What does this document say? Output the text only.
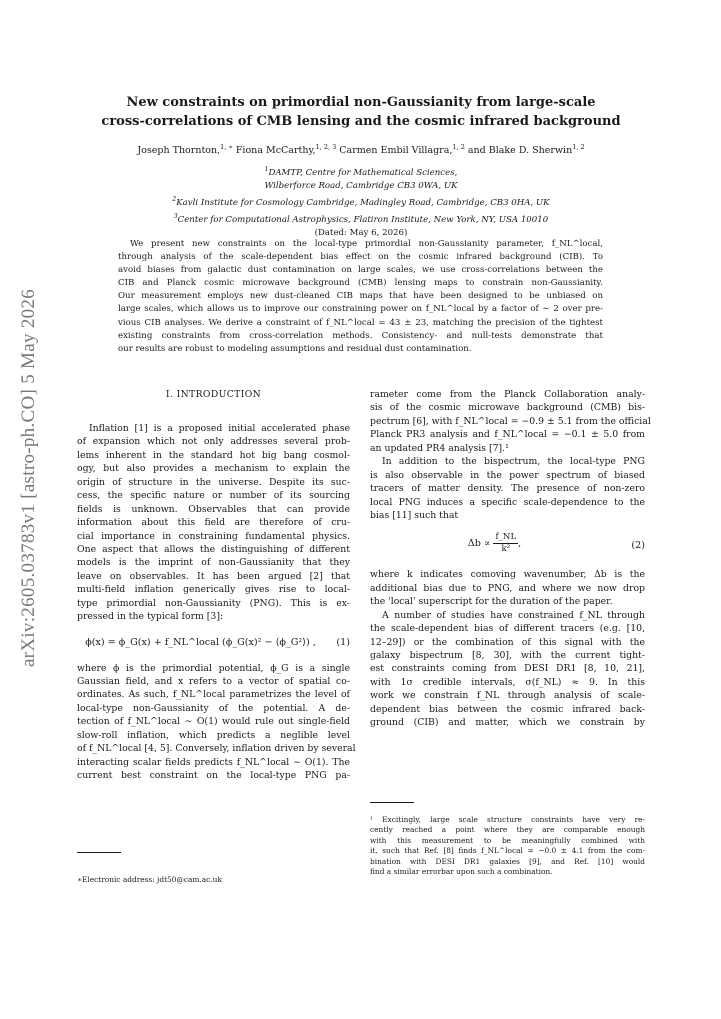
arXiv:2605.03783v1 [astro-ph.CO] 5 May 2026
New constraints on primordial non-Gaussianity from large-scale
cross-correlations of CMB lensing and the cosmic infrared background
Joseph Thornton,$^{1, ∗}$ Fiona McCarthy,$^{1, 2, 3}$ Carmen Embil Villagra,$^{1, 2}$ and Blake D. Sherwin$^{1, 2}$
$^1$DAMTP, Centre for Mathematical Sciences,
Wilberforce Road, Cambridge CB3 0WA, UK
$^2$Kavli Institute for Cosmology Cambridge, Madingley Road, Cambridge, CB3 0HA, UK
$^3$Center for Computational Astrophysics, Flatiron Institute, New York, NY, USA 10010
(Dated: May 6, 2026)
We present new constraints on the local-type primordial non-Gaussianity parameter, f_NL^local,
through analysis of the scale-dependent bias effect on the cosmic infrared background (CIB). To
avoid biases from galactic dust contamination on large scales, we use cross-correlations between the
CIB and Planck cosmic microwave background (CMB) lensing maps to constrain non-Gaussianity.
Our measurement employs new dust-cleaned CIB maps that have been designed to be unbiased on
large scales, which allows us to improve our constraining power on f_NL^local by a factor of ∼ 2 over pre-
vious CIB analyses. We derive a constraint of f_NL^local = 43 ± 23, matching the precision of the tightest
existing constraints from cross-correlation methods. Consistency- and null-tests demonstrate that
our results are robust to modeling assumptions and residual dust contamination.
I. INTRODUCTION
Inflation [1] is a proposed initial accelerated phase
of expansion which not only addresses several prob-
lems inherent in the standard hot big bang cosmol-
ogy, but also provides a mechanism to explain the
origin of structure in the universe. Despite its suc-
cess, the specific nature or number of its sourcing
fields is unknown. Observables that can provide
information about this field are therefore of cru-
cial importance in constraining fundamental physics.
One aspect that allows the distinguishing of different
models is the imprint of non-Gaussianity that they
leave on observables. It has been argued [2] that
multi-field inflation generically gives rise to local-
type primordial non-Gaussianity (PNG). This is ex-
pressed in the typical form [3]:
ϕ(x) = ϕ_G(x) + f_NL^local (ϕ_G(x)² − ⟨ϕ_G²⟩) ,	(1)
where ϕ is the primordial potential, ϕ_G is a single
Gaussian field, and x refers to a vector of spatial co-
ordinates. As such, f_NL^local parametrizes the level of
local-type non-Gaussianity of the potential. A de-
tection of f_NL^local ∼ O(1) would rule out single-field
slow-roll inflation, which predicts a neglible level
of f_NL^local [4, 5]. Conversely, inflation driven by several
interacting scalar fields predicts f_NL^local ∼ O(1). The
current best constraint on the local-type PNG pa-
rameter come from the Planck Collaboration analy-
sis of the cosmic microwave background (CMB) bis-
pectrum [6], with f_NL^local = −0.9 ± 5.1 from the official
Planck PR3 analysis and f_NL^local = −0.1 ± 5.0 from
an updated PR4 analysis [7].¹
In addition to the bispectrum, the local-type PNG
is also observable in the power spectrum of biased
tracers of matter density. The presence of non-zero
local PNG induces a specific scale-dependence to the
bias [11] such that
$\Delta b \propto \frac{f\_NL}{\text{k²}}$ ,	(2)
where k indicates comoving wavenumber, Δb is the
additional bias due to PNG, and where we now drop
the 'local' superscript for the duration of the paper.
A number of studies have constrained f_NL through
the scale-dependent bias of different tracers (e.g. [10,
12–29]) or the combination of this signal with the
galaxy bispectrum [8, 30], with the current tight-
est constraints coming from DESI DR1 [8, 10, 21],
with 1σ credible intervals, σ(f_NL) ≈ 9. In this
work we constrain f_NL through analysis of scale-
dependent bias between the cosmic infrared back-
ground (CIB) and matter, which we constrain by
∗Electronic address: jdt50@cam.ac.uk
¹ Excitingly, large scale structure constraints have very re-
cently reached a point where they are comparable enough
with this measurement to be meaningfully combined with
it, such that Ref. [8] finds f_NL^local = −0.0 ± 4.1 from the com-
bination with DESI DR1 galaxies [9], and Ref. [10] would
find a similar errorbar upon such a combination.
